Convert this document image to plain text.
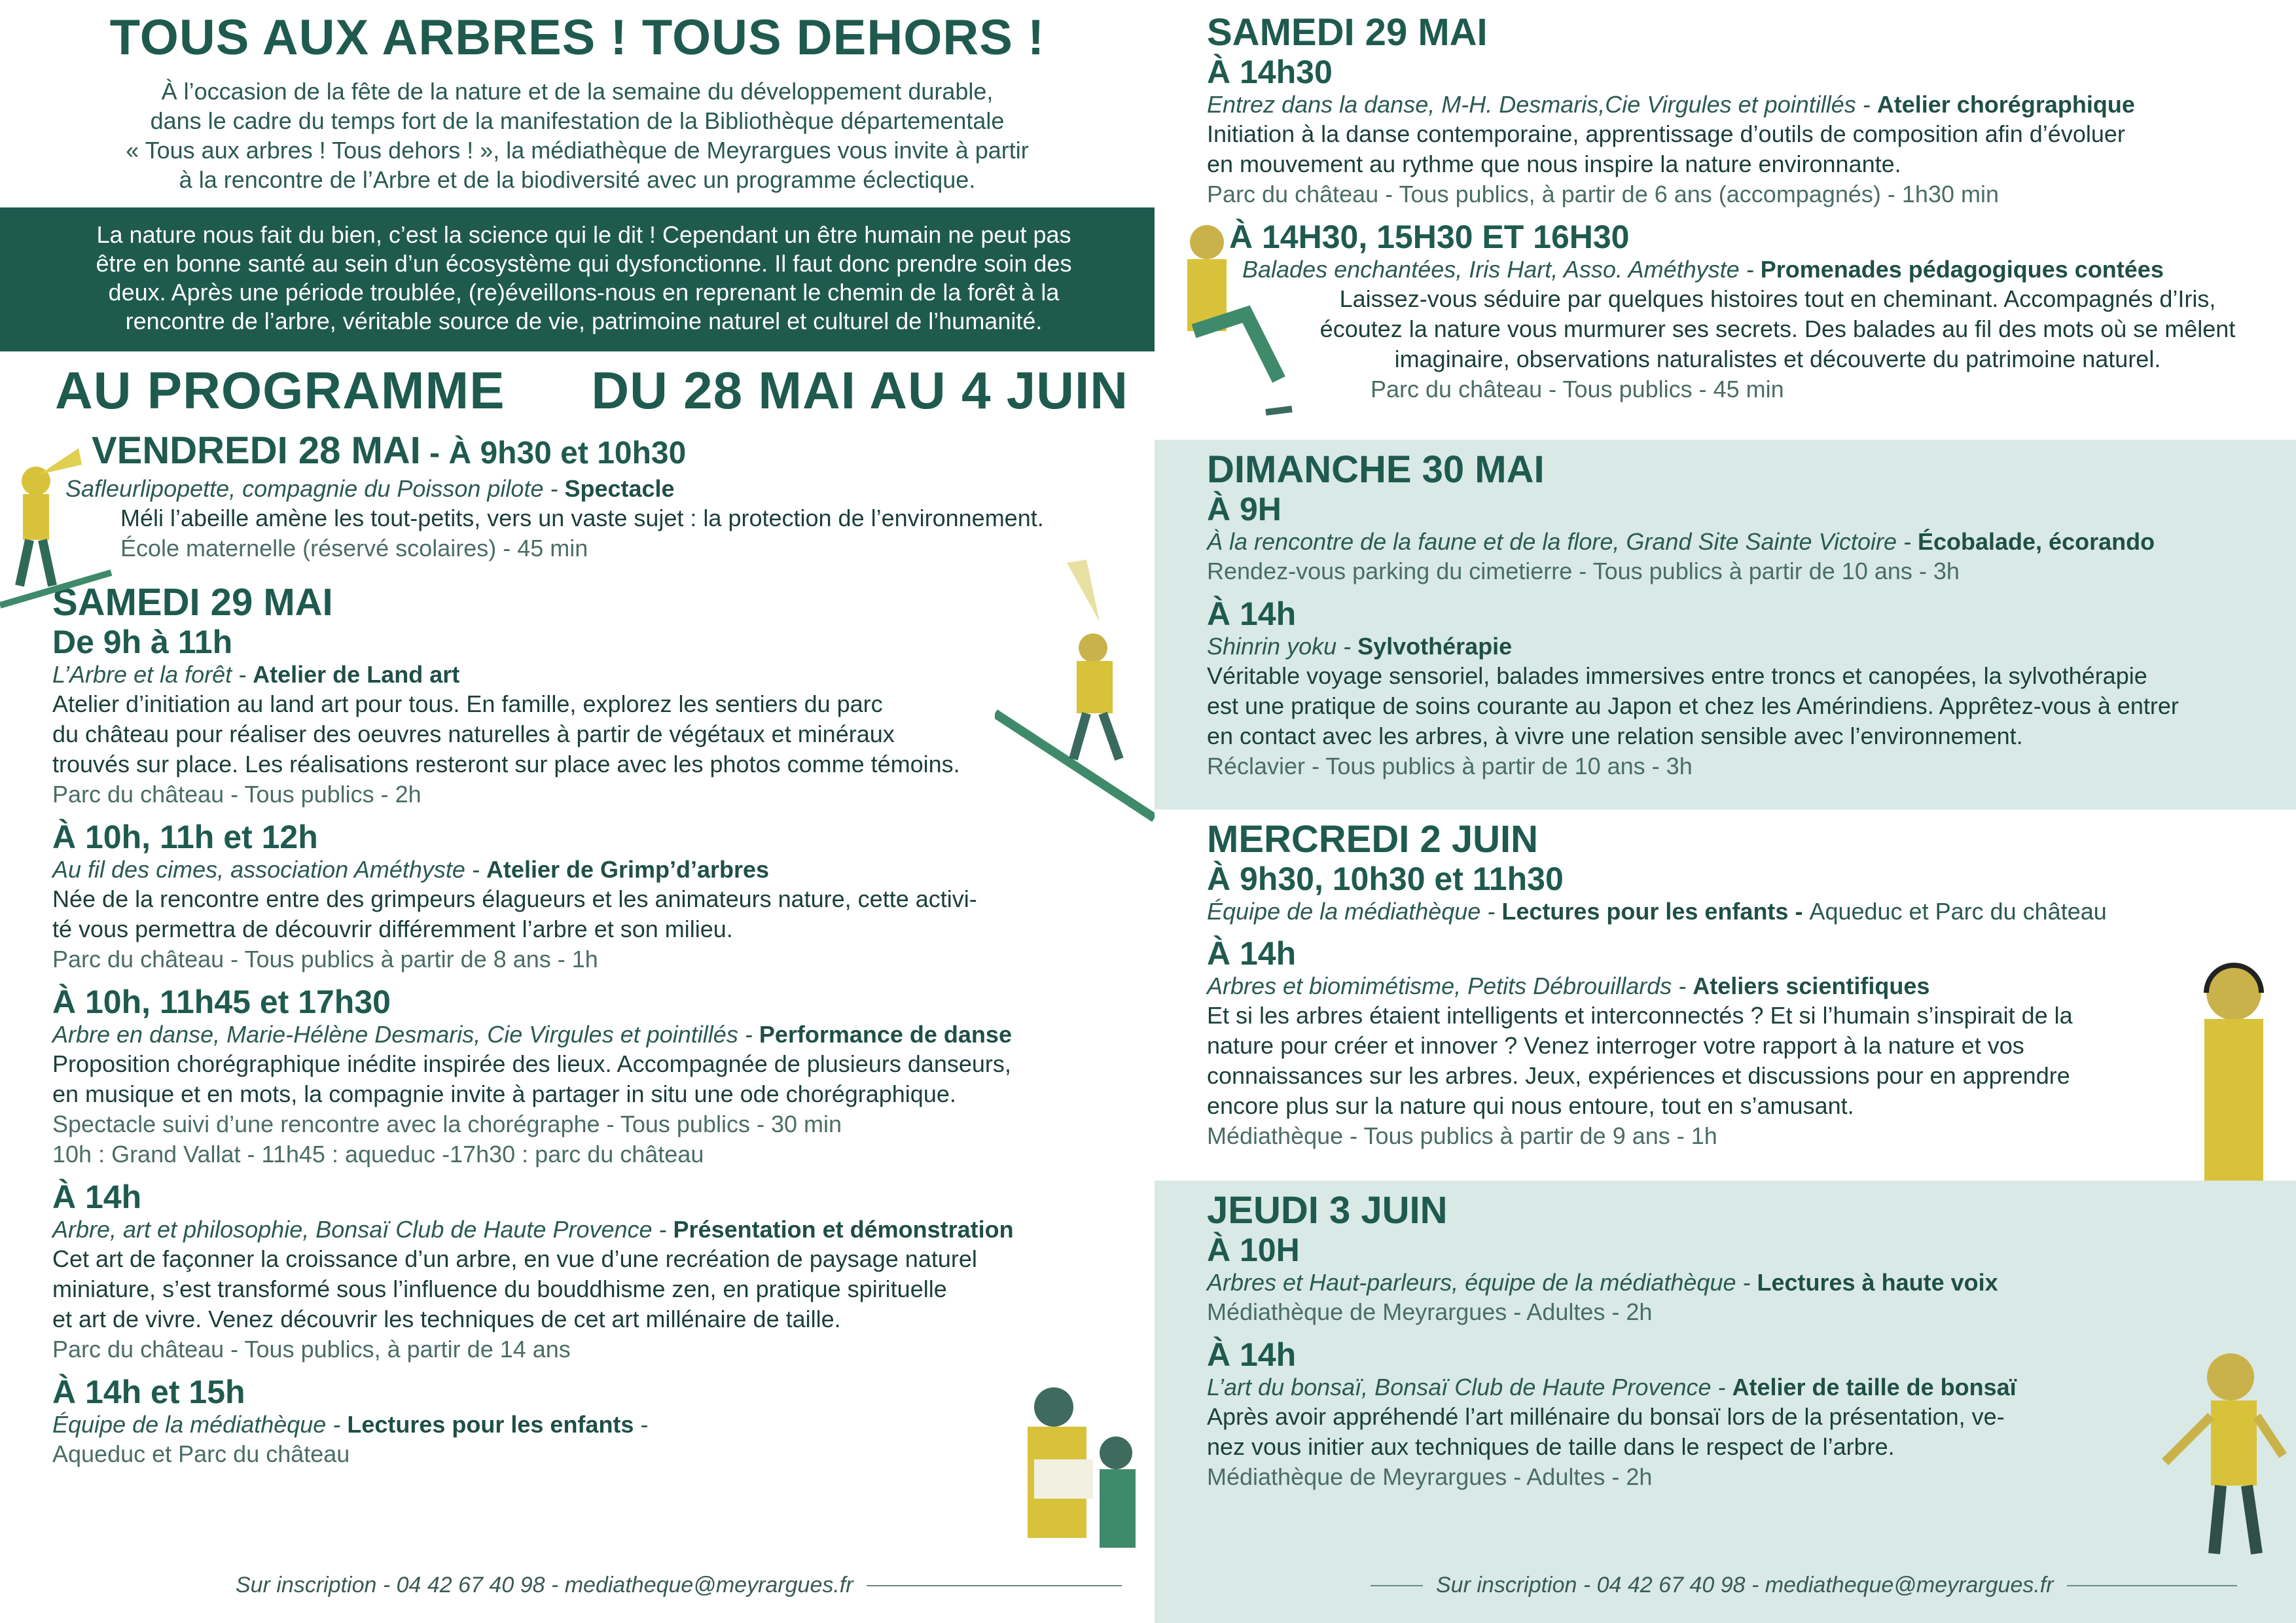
TOUS AUX ARBRES ! TOUS DEHORS !
À l’occasion de la fête de la nature et de la semaine du développement durable,
dans le cadre du temps fort de la manifestation de la Bibliothèque départementale
« Tous aux arbres ! Tous dehors ! », la médiathèque de Meyrargues vous invite à partir
à la rencontre de l’Arbre et de la biodiversité avec un programme éclectique.
La nature nous fait du bien, c’est la science qui le dit ! Cependant un être humain ne peut pas
être en bonne santé au sein d’un écosystème qui dysfonctionne. Il faut donc prendre soin des
deux. Après une période troublée, (re)éveillons-nous en reprenant le chemin de la forêt à la
rencontre de l’arbre, véritable source de vie, patrimoine naturel et culturel de l’humanité.
AU PROGRAMME DU 28 MAI AU 4 JUIN
VENDREDI 28 MAI - À 9h30 et 10h30
Safleurlipopette, compagnie du Poisson pilote - Spectacle
Méli l’abeille amène les tout-petits, vers un vaste sujet : la protection de l’environnement.
École maternelle (réservé scolaires) - 45 min
SAMEDI 29 MAI
De 9h à 11h
L’Arbre et la forêt - Atelier de Land art
Atelier d’initiation au land art pour tous. En famille, explorez les sentiers du parc
du château pour réaliser des oeuvres naturelles à partir de végétaux et minéraux
trouvés sur place. Les réalisations resteront sur place avec les photos comme témoins.
Parc du château - Tous publics - 2h
À 10h, 11h et 12h
Au fil des cimes, association Améthyste - Atelier de Grimp’d’arbres
Née de la rencontre entre des grimpeurs élagueurs et les animateurs nature, cette activi-
té vous permettra de découvrir différemment l’arbre et son milieu.
Parc du château - Tous publics à partir de 8 ans - 1h
À 10h, 11h45 et 17h30
Arbre en danse, Marie-Hélène Desmaris, Cie Virgules et pointillés - Performance de danse
Proposition chorégraphique inédite inspirée des lieux. Accompagnée de plusieurs danseurs,
en musique et en mots, la compagnie invite à partager in situ une ode chorégraphique.
Spectacle suivi d’une rencontre avec la chorégraphe - Tous publics - 30 min
10h : Grand Vallat - 11h45 : aqueduc -17h30 : parc du château
À 14h
Arbre, art et philosophie, Bonsaï Club de Haute Provence - Présentation et démonstration
Cet art de façonner la croissance d’un arbre, en vue d’une recréation de paysage naturel
miniature, s’est transformé sous l’influence du bouddhisme zen, en pratique spirituelle
et art de vivre. Venez découvrir les techniques de cet art millénaire de taille.
Parc du château - Tous publics, à partir de 14 ans
À 14h et 15h
Équipe de la médiathèque - Lectures pour les enfants -
Aqueduc et Parc du château
Sur inscription - 04 42 67 40 98 - mediatheque@meyrargues.fr
SAMEDI 29 MAI
À 14h30
Entrez dans la danse, M-H. Desmaris,Cie Virgules et pointillés - Atelier chorégraphique
Initiation à la danse contemporaine, apprentissage d’outils de composition afin d’évoluer
en mouvement au rythme que nous inspire la nature environnante.
Parc du château - Tous publics, à partir de 6 ans (accompagnés) - 1h30 min
À 14H30, 15H30 ET 16H30
Balades enchantées, Iris Hart, Asso. Améthyste - Promenades pédagogiques contées
Laissez-vous séduire par quelques histoires tout en cheminant. Accompagnés d’Iris,
écoutez la nature vous murmurer ses secrets. Des balades au fil des mots où se mêlent
imaginaire, observations naturalistes et découverte du patrimoine naturel.
Parc du château - Tous publics - 45 min
DIMANCHE 30 MAI
À 9H
À la rencontre de la faune et de la flore, Grand Site Sainte Victoire - Écobalade, écorando
Rendez-vous parking du cimetierre - Tous publics à partir de 10 ans - 3h
À 14h
Shinrin yoku - Sylvothérapie
Véritable voyage sensoriel, balades immersives entre troncs et canopées, la sylvothérapie
est une pratique de soins courante au Japon et chez les Amérindiens. Apprêtez-vous à entrer
en contact avec les arbres, à vivre une relation sensible avec l’environnement.
Réclavier - Tous publics à partir de 10 ans - 3h
MERCREDI 2 JUIN
À 9h30, 10h30 et 11h30
Équipe de la médiathèque - Lectures pour les enfants - Aqueduc et Parc du château
À 14h
Arbres et biomimétisme, Petits Débrouillards - Ateliers scientifiques
Et si les arbres étaient intelligents et interconnectés ? Et si l’humain s’inspirait de la
nature pour créer et innover ? Venez interroger votre rapport à la nature et vos
connaissances sur les arbres. Jeux, expériences et discussions pour en apprendre
encore plus sur la nature qui nous entoure, tout en s’amusant.
Médiathèque - Tous publics à partir de 9 ans - 1h
JEUDI 3 JUIN
À 10H
Arbres et Haut-parleurs, équipe de la médiathèque - Lectures à haute voix
Médiathèque de Meyrargues - Adultes - 2h
À 14h
L’art du bonsaï, Bonsaï Club de Haute Provence - Atelier de taille de bonsaï
Après avoir appréhendé l’art millénaire du bonsaï lors de la présentation, ve-
nez vous initier aux techniques de taille dans le respect de l’arbre.
Médiathèque de Meyrargues - Adultes - 2h
Sur inscription - 04 42 67 40 98 - mediatheque@meyrargues.fr
